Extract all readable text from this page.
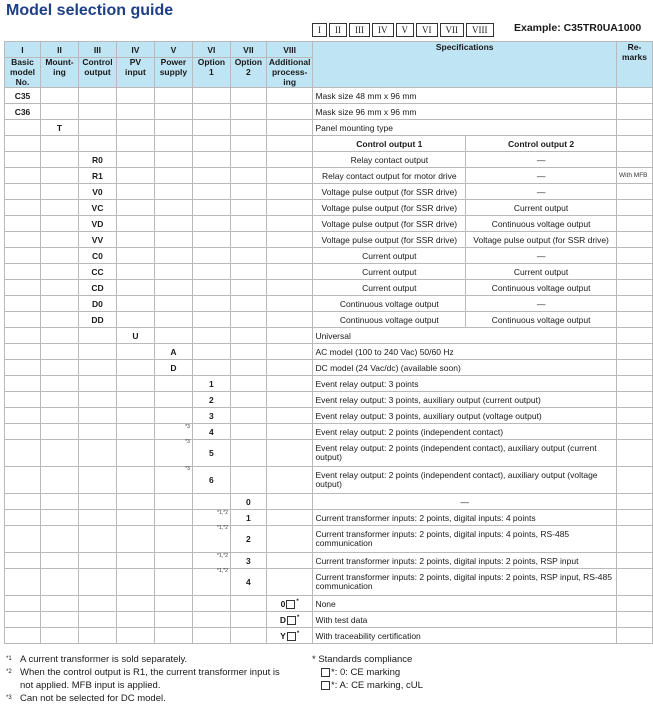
Model selection guide
I	II	III	IV	V	VI	VII	VIII	Example: C35TR0UA1000
I	II	III	IV	V	VI	VII	VIII	Specifications		Re-marks
Basic model No.	Mount-ing	Control output	PV input	Power supply	Option 1	Option 2	Additional process-ing			
C35								Mask size 48 mm x 96 mm		
C36								Mask size 96 mm x 96 mm		
	T							Panel mounting type		
								Control output 1	Control output 2	
		R0						Relay contact output	—	
		R1						Relay contact output for motor drive	—	With MFB
		V0						Voltage pulse output (for SSR drive)	—	
		VC						Voltage pulse output (for SSR drive)	Current output	
		VD						Voltage pulse output (for SSR drive)	Continuous voltage output	
		VV						Voltage pulse output (for SSR drive)	Voltage pulse output (for SSR drive)	
		C0						Current output	—	
		CC						Current output	Current output	
		CD						Current output	Continuous voltage output	
		D0						Continuous voltage output	—	
		DD						Continuous voltage output	Continuous voltage output	
			U					Universal		
				A				AC model (100 to 240 Vac) 50/60 Hz		
				D				DC model (24 Vac/dc) (available soon)		
					1			Event relay output: 3 points		
					2			Event relay output: 3 points, auxiliary output (current output)		
					3			Event relay output: 3 points, auxiliary output (voltage output)		
				*3	4			Event relay output: 2 points (independent contact)		
				*3	5			Event relay output: 2 points (independent contact), auxiliary output (current output)		
				*3	6			Event relay output: 2 points (independent contact), auxiliary output (voltage output)		
						0		—		
					*1,*2	1		Current transformer inputs: 2 points, digital inputs: 4 points		
					*1,*2	2		Current transformer inputs: 2 points, digital inputs: 4 points, RS-485 communication		
					*1,*2	3		Current transformer inputs: 2 points, digital inputs: 2 points, RSP input		
					*1,*2	4		Current transformer inputs: 2 points, digital inputs: 2 points, RSP input, RS-485 communication		
							0 *	None		
							D *	With test data		
							Y *	With traceability certification		
*1 A current transformer is sold separately.
*2 When the control output is R1, the current transformer input is not applied. MFB input is applied.
*3 Can not be selected for DC model.
* Standards compliance
*: 0: CE marking
*: A: CE marking, cUL
